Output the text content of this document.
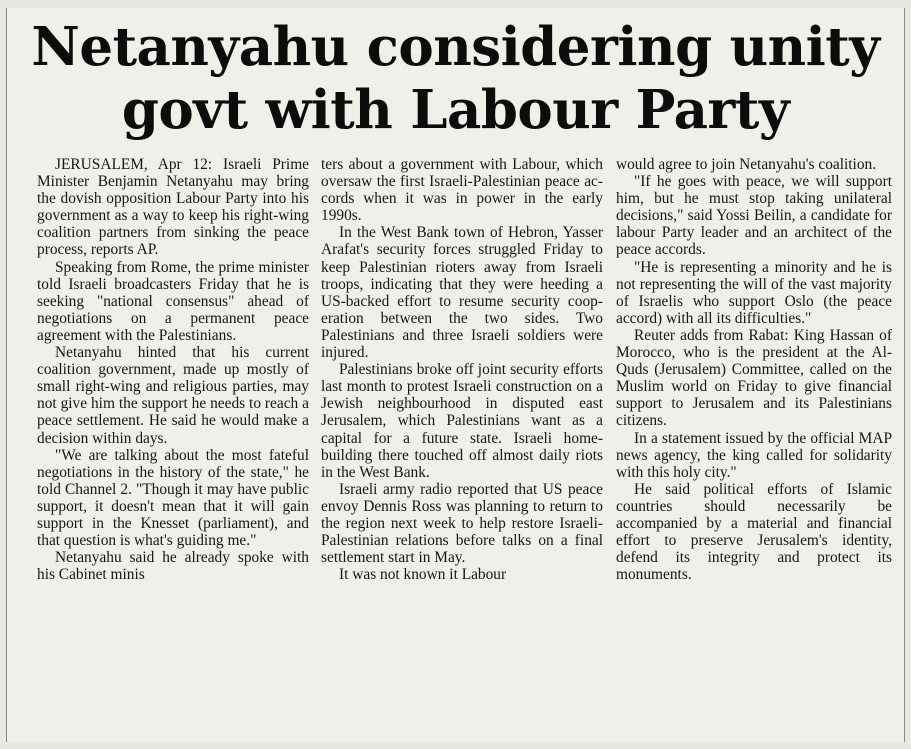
Netanyahu considering unity
govt with Labour Party

JERUSALEM, Apr 12: Israeli Prime Minister Benjamin Netanyahu may bring the dovish opposition Labour Party into his government as a way to keep his right-wing coalition partners from sinking the peace process, reports AP.

Speaking from Rome, the prime minister told Israeli broadcasters Friday that he is seeking "national consensus" ahead of negotiations on a permanent peace agreement with the Palestinians.

Netanyahu hinted that his current coalition government, made up mostly of small right-wing and religious parties, may not give him the support he needs to reach a peace settlement. He said he would make a decision within days.

"We are talking about the most fateful negotiations in the history of the state," he told Channel 2. "Though it may have public support, it doesn't mean that it will gain support in the Knesset (parliament), and that question is what's guiding me."

Netanyahu said he already spoke with his Cabinet minis

ters about a government with Labour, which oversaw the first Israeli-Palestinian peace accords when it was in power in the early 1990s.

In the West Bank town of Hebron, Yasser Arafat's security forces struggled Friday to keep Palestinian rioters away from Israeli troops, indicating that they were heeding a US-backed effort to resume security cooperation between the two sides. Two Palestinians and three Israeli soldiers were injured.

Palestinians broke off joint security efforts last month to protest Israeli construction on a Jewish neighbourhood in disputed east Jerusalem, which Palestinians want as a capital for a future state. Israeli home-building there touched off almost daily riots in the West Bank.

Israeli army radio reported that US peace envoy Dennis Ross was planning to return to the region next week to help restore Israeli-Palestinian relations before talks on a final settlement start in May.

It was not known it Labour

would agree to join Netanyahu's coalition.

"If he goes with peace, we will support him, but he must stop taking unilateral decisions," said Yossi Beilin, a candidate for labour Party leader and an architect of the peace accords.

"He is representing a minority and he is not representing the will of the vast majority of Israelis who support Oslo (the peace accord) with all its difficulties."

Reuter adds from Rabat: King Hassan of Morocco, who is the president at the Al-Quds (Jerusalem) Committee, called on the Muslim world on Friday to give financial support to Jerusalem and its Palestinians citizens.

In a statement issued by the official MAP news agency, the king called for solidarity with this holy city."

He said political efforts of Islamic countries should necessarily be accompanied by a material and financial effort to preserve Jerusalem's identity, defend its integrity and protect its monuments.
